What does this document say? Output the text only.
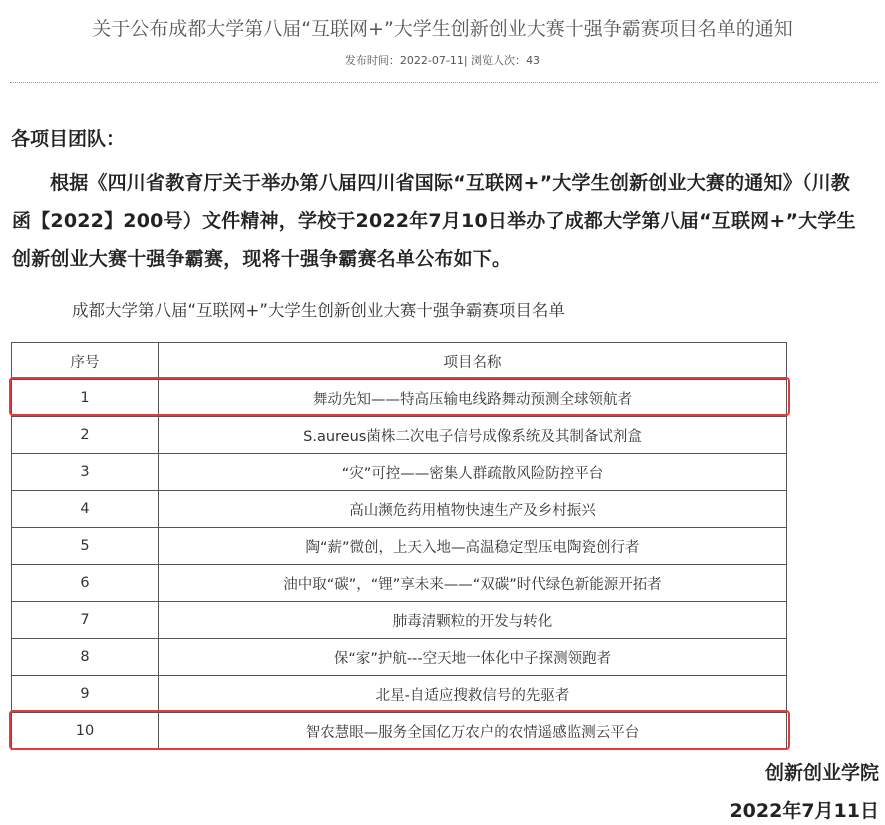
关于公布成都大学第八届“互联网+”大学生创新创业大赛十强争霸赛项目名单的通知
发布时间：2022-07-11| 浏览人次：43
各项目团队：
根据《四川省教育厅关于举办第八届四川省国际“互联网+”大学生创新创业大赛的通知》（川教函【2022】200号）文件精神，学校于2022年7月10日举办了成都大学第八届“互联网+”大学生创新创业大赛十强争霸赛，现将十强争霸赛名单公布如下。
成都大学第八届“互联网+”大学生创新创业大赛十强争霸赛项目名单
序号	项目名称
1	舞动先知——特高压输电线路舞动预测全球领航者
2	S.aureus菌株二次电子信号成像系统及其制备试剂盒
3	“灾”可控——密集人群疏散风险防控平台
4	高山濒危药用植物快速生产及乡村振兴
5	陶“薪”微创，上天入地—高温稳定型压电陶瓷创行者
6	油中取“碳”，“锂”享未来——“双碳”时代绿色新能源开拓者
7	肺毒清颗粒的开发与转化
8	保“家”护航---空天地一体化中子探测领跑者
9	北星-自适应搜救信号的先驱者
10	智农慧眼—服务全国亿万农户的农情遥感监测云平台
创新创业学院
2022年7月11日
